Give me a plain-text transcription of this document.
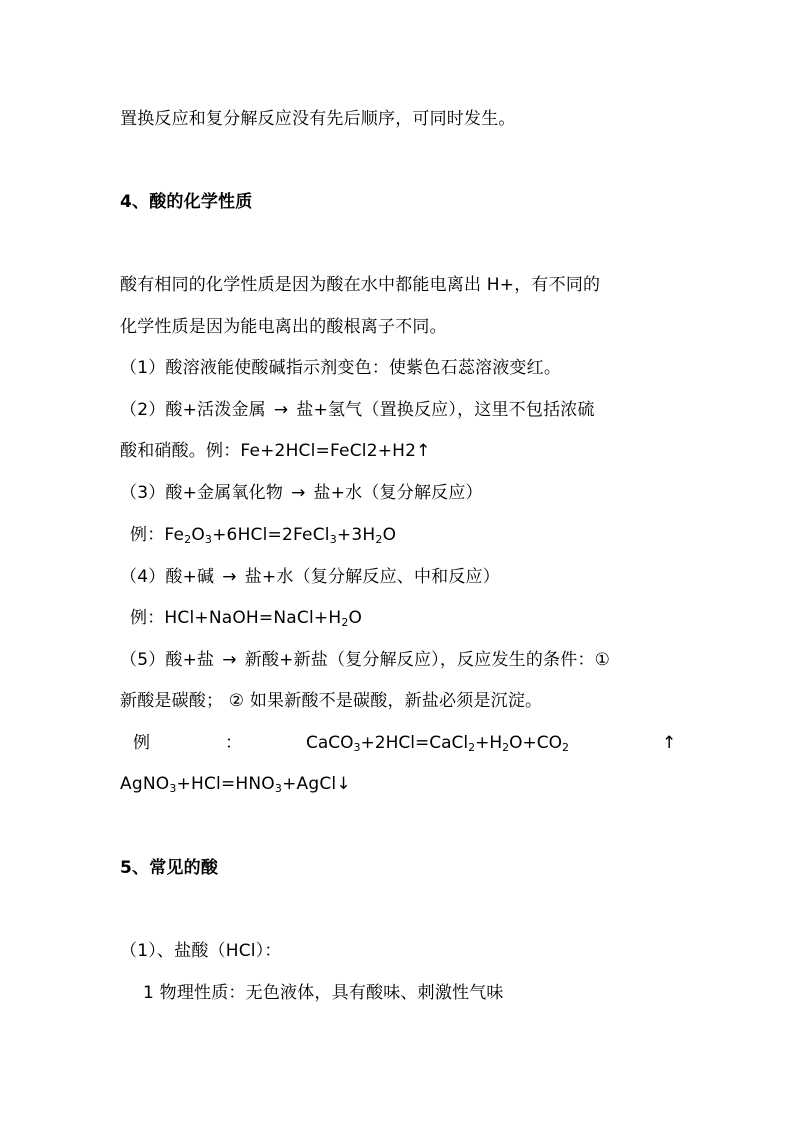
置换反应和复分解反应没有先后顺序，可同时发生。
4、酸的化学性质
酸有相同的化学性质是因为酸在水中都能电离出 H+，有不同的
化学性质是因为能电离出的酸根离子不同。
（1）酸溶液能使酸碱指示剂变色：使紫色石蕊溶液变红。
（2）酸+活泼金属 → 盐+氢气（置换反应），这里不包括浓硫
酸和硝酸。例：Fe+2HCl=FeCl2+H2↑
（3）酸+金属氧化物 → 盐+水（复分解反应）
例：$Fe_2O_3+6HCl=2FeCl_3+3H_2O$
（4）酸+碱 → 盐+水（复分解反应、中和反应）
例：$HCl+NaOH=NaCl+H_2O$
（5）酸+盐 → 新酸+新盐（复分解反应），反应发生的条件：①
新酸是碳酸； ② 如果新酸不是碳酸，新盐必须是沉淀。
例	：	$CaCO_3+2HCl=CaCl_2+H_2O+CO_2$	↑
$AgNO_3+HCl=HNO_3+AgCl↓$
5、常见的酸
（1）、盐酸（HCl）：
1 物理性质：无色液体，具有酸味、刺激性气味
